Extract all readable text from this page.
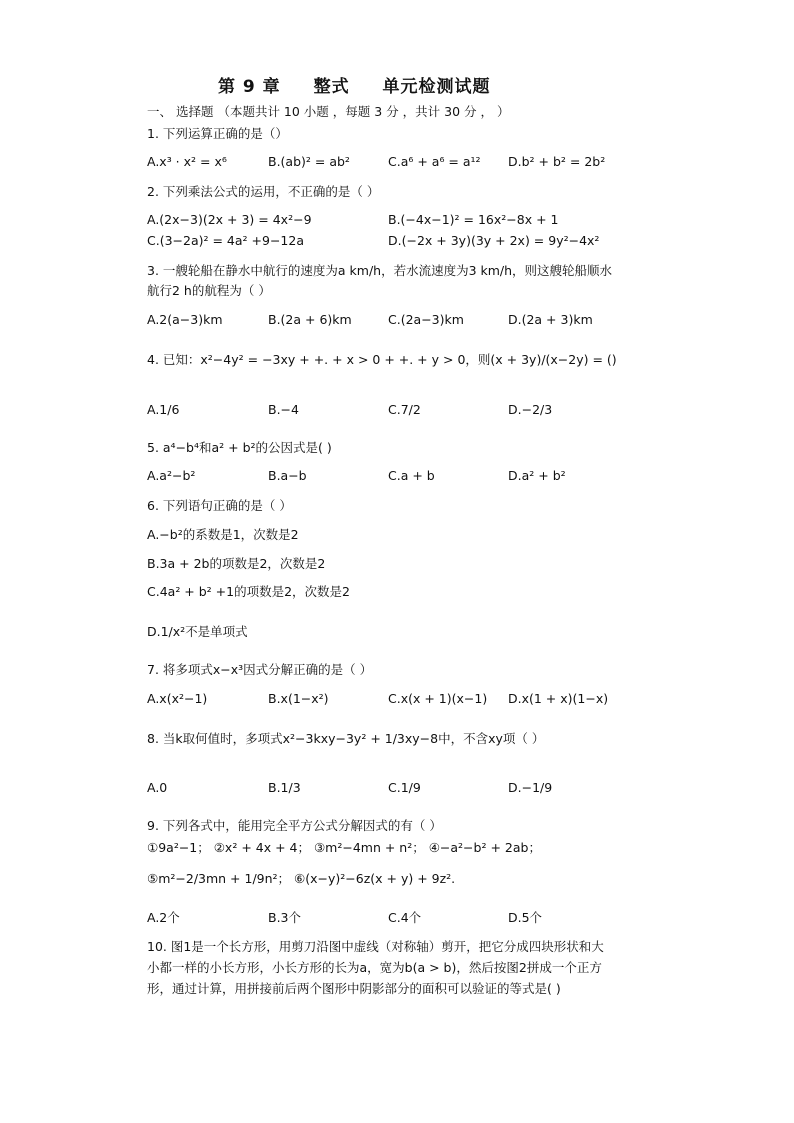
第 9 章 整式 单元检测试题
一、 选择题 （本题共计 10 小题 ，每题 3 分 ，共计 30 分 ， ）
1. 下列运算正确的是（）
A.x³ · x² = x⁶	B.(ab)² = ab²	C.a⁶ + a⁶ = a¹² D.b² + b² = 2b²
2. 下列乘法公式的运用，不正确的是（ ）
A.(2x−3)(2x + 3) = 4x²−9	B.(−4x−1)² = 16x²−8x + 1
C.(3−2a)² = 4a² +9−12a	D.(−2x + 3y)(3y + 2x) = 9y²−4x²
3. 一艘轮船在静水中航行的速度为a km/h，若水流速度为3 km/h，则这艘轮船顺水
航行2 h的航程为（ ）
A.2(a−3)km	B.(2a + 6)km	C.(2a−3)km	D.(2a + 3)km
4. 已知：x²−4y² = −3xy + +. + x > 0 + +. + y > 0，则(x + 3y)/(x−2y) = ()
A.1/6	B.−4	C.7/2	D.−2/3
5. a⁴−b⁴和a² + b²的公因式是( )
A.a²−b²	B.a−b	C.a + b	D.a² + b²
6. 下列语句正确的是（ ）
A.−b²的系数是1，次数是2
B.3a + 2b的项数是2，次数是2
C.4a² + b² +1的项数是2，次数是2
D.1/x²不是单项式
7. 将多项式x−x³因式分解正确的是（ ）
A.x(x²−1)	B.x(1−x²)	C.x(x + 1)(x−1) D.x(1 + x)(1−x)
8. 当k取何值时，多项式x²−3kxy−3y² + 1/3xy−8中，不含xy项（ ）
A.0	B.1/3	C.1/9	D.−1/9
9. 下列各式中，能用完全平方公式分解因式的有（ ）
①9a²−1； ②x² + 4x + 4； ③m²−4mn + n²； ④−a²−b² + 2ab；
⑤m²−2/3mn + 1/9n²； ⑥(x−y)²−6z(x + y) + 9z².
A.2个	B.3个	C.4个	D.5个
10. 图1是一个长方形，用剪刀沿图中虚线（对称轴）剪开，把它分成四块形状和大
小都一样的小长方形，小长方形的长为a，宽为b(a > b)，然后按图2拼成一个正方
形，通过计算，用拼接前后两个图形中阴影部分的面积可以验证的等式是( )
